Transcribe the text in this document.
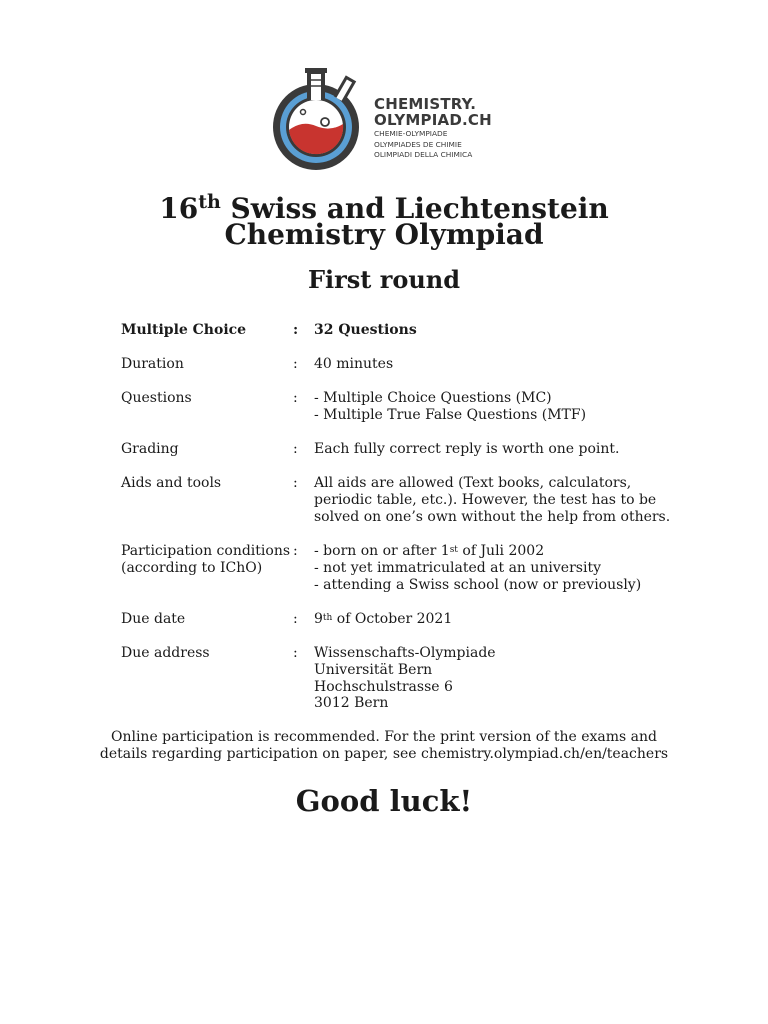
CHEMISTRY.
OLYMPIAD.CH
CHEMIE-OLYMPIADE
OLYMPIADES DE CHIMIE
OLIMPIADI DELLA CHIMICA
16th Swiss and Liechtenstein
Chemistry Olympiad
First round
Multiple Choice	: 32 Questions
Duration	: 40 minutes
Questions	: - Multiple Choice Questions (MC)
- Multiple True False Questions (MTF)
Grading	: Each fully correct reply is worth one point.
Aids and tools	: All aids are allowed (Text books, calculators,
periodic table, etc.). However, the test has to be
solved on one’s own without the help from others.
Participation conditions
(according to IChO)
: - born on or after 1st of Juli 2002
- not yet immatriculated at an university
- attending a Swiss school (now or previously)
Due date	: 9th of October 2021
Due address	: Wissenschafts-Olympiade
Universität Bern
Hochschulstrasse 6
3012 Bern
Online participation is recommended. For the print version of the exams and
details regarding participation on paper, see chemistry.olympiad.ch/en/teachers
Good luck!
